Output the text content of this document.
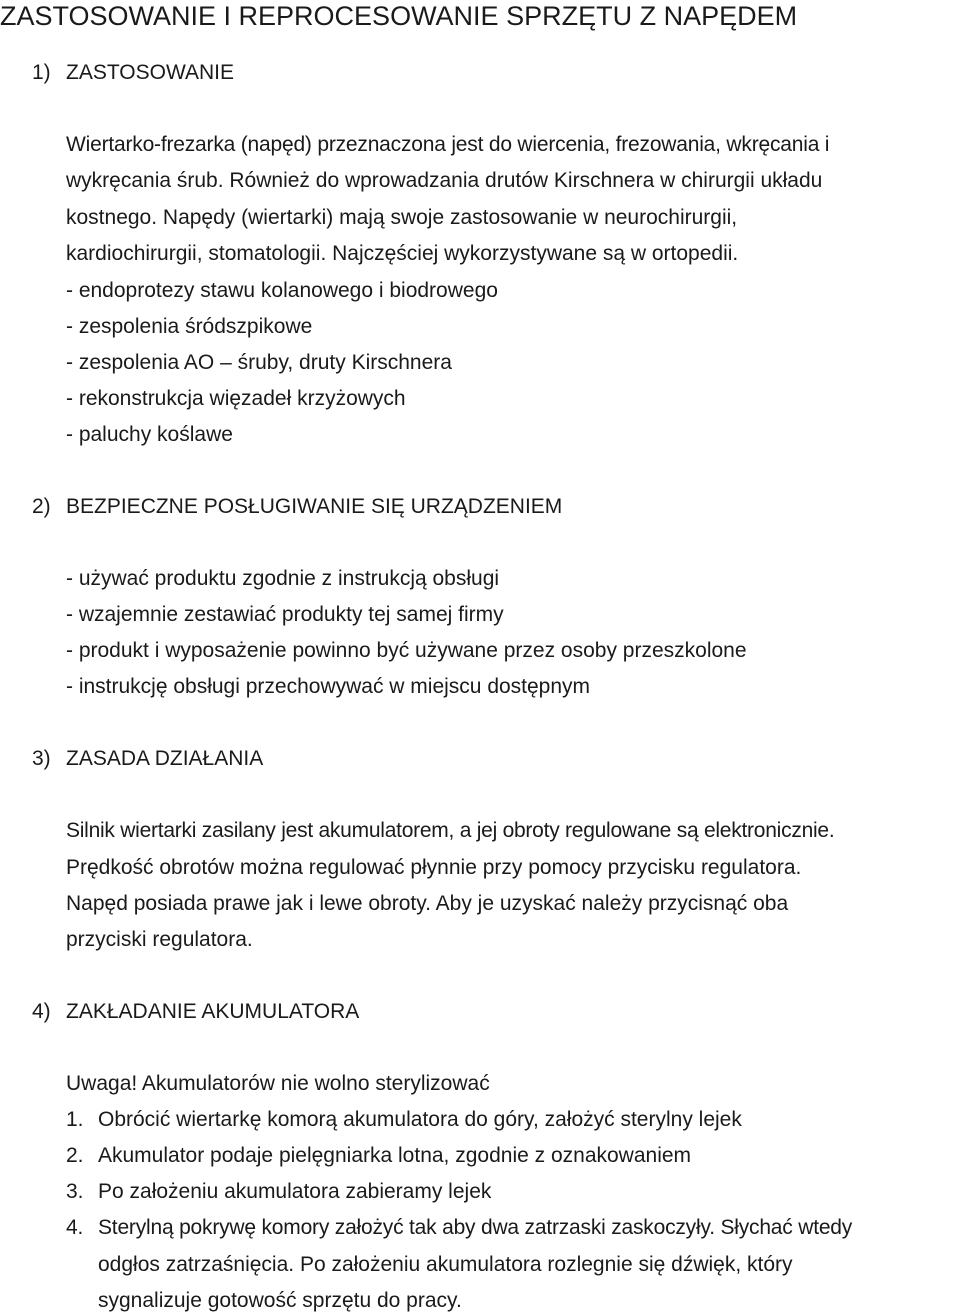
ZASTOSOWANIE I REPROCESOWANIE SPRZĘTU Z NAPĘDEM
1) ZASTOSOWANIE
Wiertarko-frezarka (napęd) przeznaczona jest do wiercenia, frezowania, wkręcania i
wykręcania śrub. Również do wprowadzania drutów Kirschnera w chirurgii układu
kostnego. Napędy (wiertarki) mają swoje zastosowanie w neurochirurgii,
kardiochirurgii, stomatologii. Najczęściej wykorzystywane są w ortopedii.
- endoprotezy stawu kolanowego i biodrowego
- zespolenia śródszpikowe
- zespolenia AO – śruby, druty Kirschnera
- rekonstrukcja więzadeł krzyżowych
- paluchy koślawe
2) BEZPIECZNE POSŁUGIWANIE SIĘ URZĄDZENIEM
- używać produktu zgodnie z instrukcją obsługi
- wzajemnie zestawiać produkty tej samej firmy
- produkt i wyposażenie powinno być używane przez osoby przeszkolone
- instrukcję obsługi przechowywać w miejscu dostępnym
3) ZASADA DZIAŁANIA
Silnik wiertarki zasilany jest akumulatorem, a jej obroty regulowane są elektronicznie.
Prędkość obrotów można regulować płynnie przy pomocy przycisku regulatora.
Napęd posiada prawe jak i lewe obroty. Aby je uzyskać należy przycisnąć oba
przyciski regulatora.
4) ZAKŁADANIE AKUMULATORA
Uwaga! Akumulatorów nie wolno sterylizować
1. Obrócić wiertarkę komorą akumulatora do góry, założyć sterylny lejek
2. Akumulator podaje pielęgniarka lotna, zgodnie z oznakowaniem
3. Po założeniu akumulatora zabieramy lejek
4. Sterylną pokrywę komory założyć tak aby dwa zatrzaski zaskoczyły. Słychać wtedy
odgłos zatrzaśnięcia. Po założeniu akumulatora rozlegnie się dźwięk, który
sygnalizuje gotowość sprzętu do pracy.
